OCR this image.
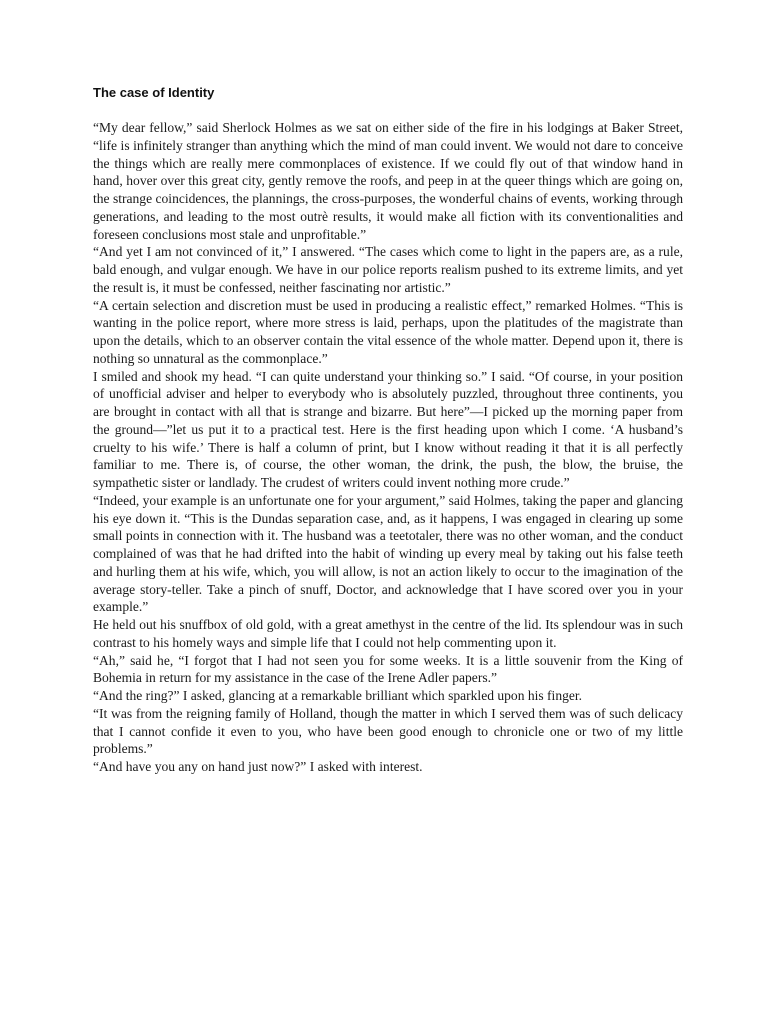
The case of Identity

“My dear fellow,” said Sherlock Holmes as we sat on either side of the fire in his lodgings at Baker Street, “life is infinitely stranger than anything which the mind of man could invent. We would not dare to conceive the things which are really mere commonplaces of existence. If we could fly out of that window hand in hand, hover over this great city, gently remove the roofs, and peep in at the queer things which are going on, the strange coincidences, the plannings, the cross-purposes, the wonderful chains of events, working through generations, and leading to the most outrè results, it would make all fiction with its conventionalities and foreseen conclusions most stale and unprofitable.”

“And yet I am not convinced of it,” I answered. “The cases which come to light in the papers are, as a rule, bald enough, and vulgar enough. We have in our police reports realism pushed to its extreme limits, and yet the result is, it must be confessed, neither fascinating nor artistic.”

“A certain selection and discretion must be used in producing a realistic effect,” remarked Holmes. “This is wanting in the police report, where more stress is laid, perhaps, upon the platitudes of the magistrate than upon the details, which to an observer contain the vital essence of the whole matter. Depend upon it, there is nothing so unnatural as the commonplace.”

I smiled and shook my head. “I can quite understand your thinking so.” I said. “Of course, in your position of unofficial adviser and helper to everybody who is absolutely puzzled, throughout three continents, you are brought in contact with all that is strange and bizarre. But here”—I picked up the morning paper from the ground—”let us put it to a practical test. Here is the first heading upon which I come. ‘A husband’s cruelty to his wife.’ There is half a column of print, but I know without reading it that it is all perfectly familiar to me. There is, of course, the other woman, the drink, the push, the blow, the bruise, the sympathetic sister or landlady. The crudest of writers could invent nothing more crude.”

“Indeed, your example is an unfortunate one for your argument,” said Holmes, taking the paper and glancing his eye down it. “This is the Dundas separation case, and, as it happens, I was engaged in clearing up some small points in connection with it. The husband was a teetotaler, there was no other woman, and the conduct complained of was that he had drifted into the habit of winding up every meal by taking out his false teeth and hurling them at his wife, which, you will allow, is not an action likely to occur to the imagination of the average story-teller. Take a pinch of snuff, Doctor, and acknowledge that I have scored over you in your example.”

He held out his snuffbox of old gold, with a great amethyst in the centre of the lid. Its splendour was in such contrast to his homely ways and simple life that I could not help commenting upon it.

“Ah,” said he, “I forgot that I had not seen you for some weeks. It is a little souvenir from the King of Bohemia in return for my assistance in the case of the Irene Adler papers.”

“And the ring?” I asked, glancing at a remarkable brilliant which sparkled upon his finger.

“It was from the reigning family of Holland, though the matter in which I served them was of such delicacy that I cannot confide it even to you, who have been good enough to chronicle one or two of my little problems.”

“And have you any on hand just now?” I asked with interest.
